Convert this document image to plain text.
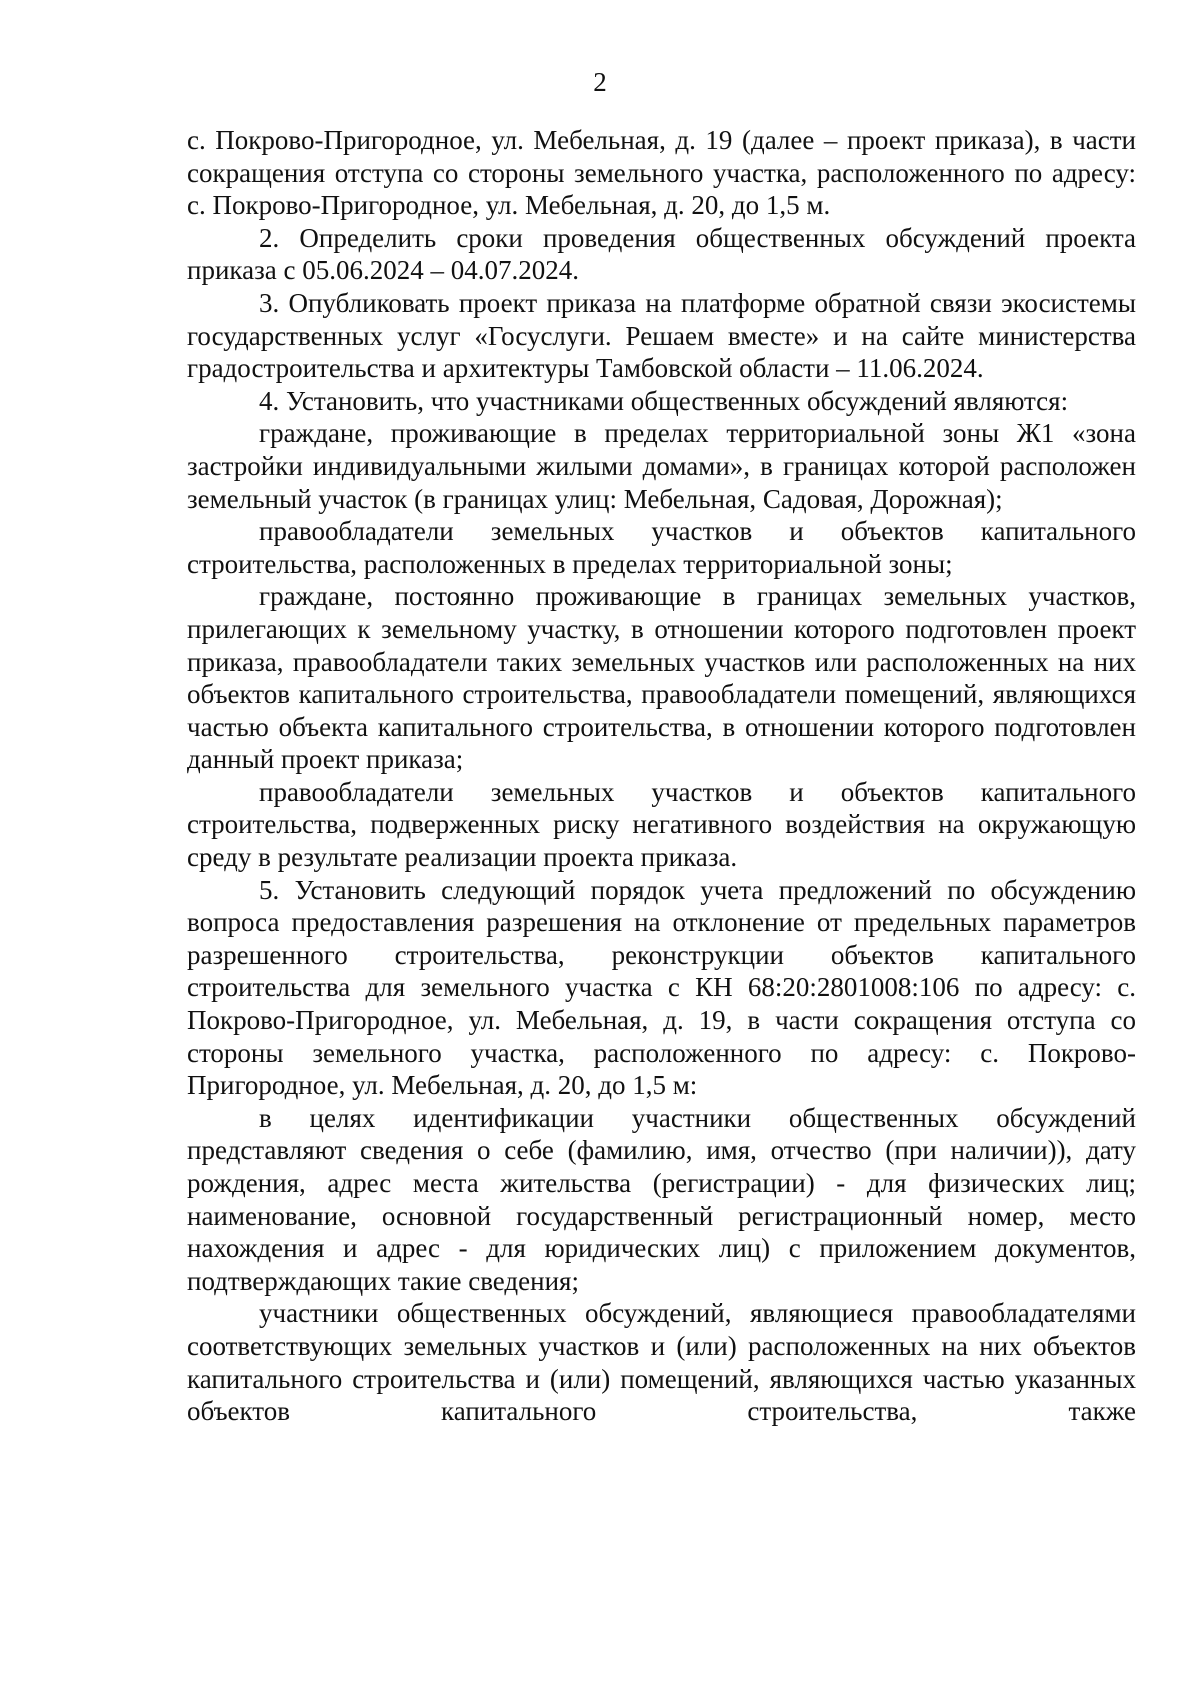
2

с. Покрово-Пригородное, ул. Мебельная, д. 19 (далее – проект приказа), в части сокращения отступа со стороны земельного участка, расположенного по адресу: с. Покрово-Пригородное, ул. Мебельная, д. 20, до 1,5 м.

2. Определить сроки проведения общественных обсуждений проекта приказа с 05.06.2024 – 04.07.2024.

3. Опубликовать проект приказа на платформе обратной связи экосистемы государственных услуг «Госуслуги. Решаем вместе» и на сайте министерства градостроительства и архитектуры Тамбовской области – 11.06.2024.

4. Установить, что участниками общественных обсуждений являются:

граждане, проживающие в пределах территориальной зоны Ж1 «зона застройки индивидуальными жилыми домами», в границах которой расположен земельный участок (в границах улиц: Мебельная, Садовая, Дорожная);

правообладатели земельных участков и объектов капитального строительства, расположенных в пределах территориальной зоны;

граждане, постоянно проживающие в границах земельных участков, прилегающих к земельному участку, в отношении которого подготовлен проект приказа, правообладатели таких земельных участков или расположенных на них объектов капитального строительства, правообладатели помещений, являющихся частью объекта капитального строительства, в отношении которого подготовлен данный проект приказа;

правообладатели земельных участков и объектов капитального строительства, подверженных риску негативного воздействия на окружающую среду в результате реализации проекта приказа.

5. Установить следующий порядок учета предложений по обсуждению вопроса предоставления разрешения на отклонение от предельных параметров разрешенного строительства, реконструкции объектов капитального строительства для земельного участка с КН 68:20:2801008:106 по адресу: с. Покрово-Пригородное, ул. Мебельная, д. 19, в части сокращения отступа со стороны земельного участка, расположенного по адресу: с. Покрово-Пригородное, ул. Мебельная, д. 20, до 1,5 м:

в целях идентификации участники общественных обсуждений представляют сведения о себе (фамилию, имя, отчество (при наличии)), дату рождения, адрес места жительства (регистрации) - для физических лиц; наименование, основной государственный регистрационный номер, место нахождения и адрес - для юридических лиц) с приложением документов, подтверждающих такие сведения;

участники общественных обсуждений, являющиеся правообладателями соответствующих земельных участков и (или) расположенных на них объектов капитального строительства и (или) помещений, являющихся частью указанных объектов капитального строительства, также
